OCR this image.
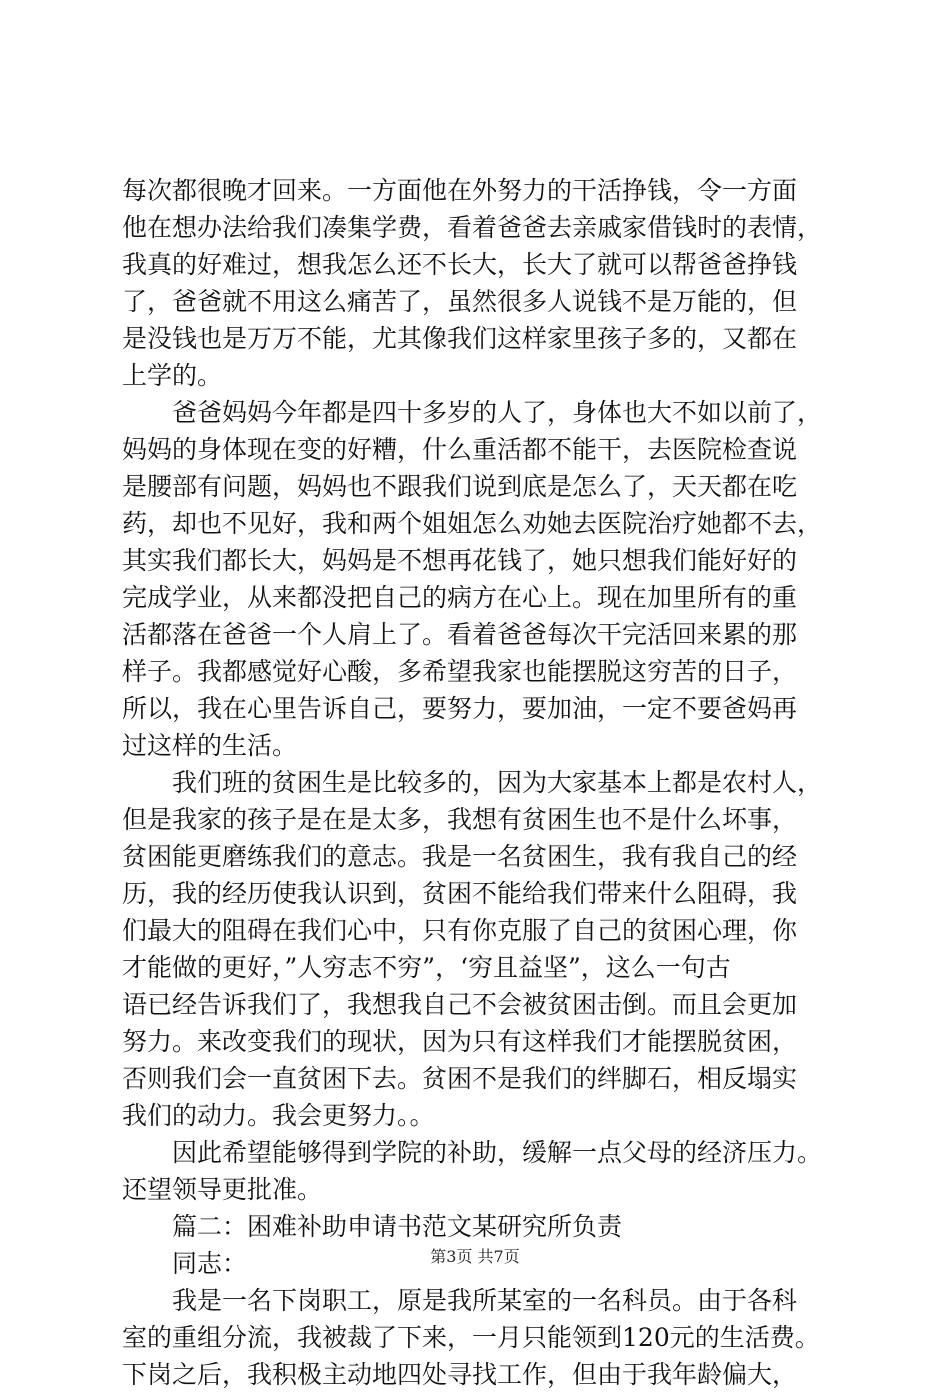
每次都很晚才回来。一方面他在外努力的干活挣钱，令一方面
他在想办法给我们凑集学费，看着爸爸去亲戚家借钱时的表情，
我真的好难过，想我怎么还不长大，长大了就可以帮爸爸挣钱
了，爸爸就不用这么痛苦了，虽然很多人说钱不是万能的，但
是没钱也是万万不能，尤其像我们这样家里孩子多的，又都在
上学的。
　　爸爸妈妈今年都是四十多岁的人了，身体也大不如以前了，
妈妈的身体现在变的好糟，什么重活都不能干，去医院检查说
是腰部有问题，妈妈也不跟我们说到底是怎么了，天天都在吃
药，却也不见好，我和两个姐姐怎么劝她去医院治疗她都不去，
其实我们都长大，妈妈是不想再花钱了，她只想我们能好好的
完成学业，从来都没把自己的病方在心上。现在加里所有的重
活都落在爸爸一个人肩上了。看着爸爸每次干完活回来累的那
样子。我都感觉好心酸，多希望我家也能摆脱这穷苦的日子，
所以，我在心里告诉自己，要努力，要加油，一定不要爸妈再
过这样的生活。
　　我们班的贫困生是比较多的，因为大家基本上都是农村人，
但是我家的孩子是在是太多，我想有贫困生也不是什么坏事，
贫困能更磨练我们的意志。我是一名贫困生，我有我自己的经
历，我的经历使我认识到，贫困不能给我们带来什么阻碍，我
们最大的阻碍在我们心中，只有你克服了自己的贫困心理，你
才能做的更好，”人穷志不穷”，‘穷且益坚”，这么一句古
语已经告诉我们了，我想我自己不会被贫困击倒。而且会更加
努力。来改变我们的现状，因为只有这样我们才能摆脱贫困，
否则我们会一直贫困下去。贫困不是我们的绊脚石，相反塌实
我们的动力。我会更努力。。
　　因此希望能够得到学院的补助，缓解一点父母的经济压力。
还望领导更批准。
　　篇二：困难补助申请书范文某研究所负责
　　同志：
　　我是一名下岗职工，原是我所某室的一名科员。由于各科
室的重组分流，我被裁了下来，一月只能领到120元的生活费。
下岗之后，我积极主动地四处寻找工作，但由于我年龄偏大，
第3页 共7页
